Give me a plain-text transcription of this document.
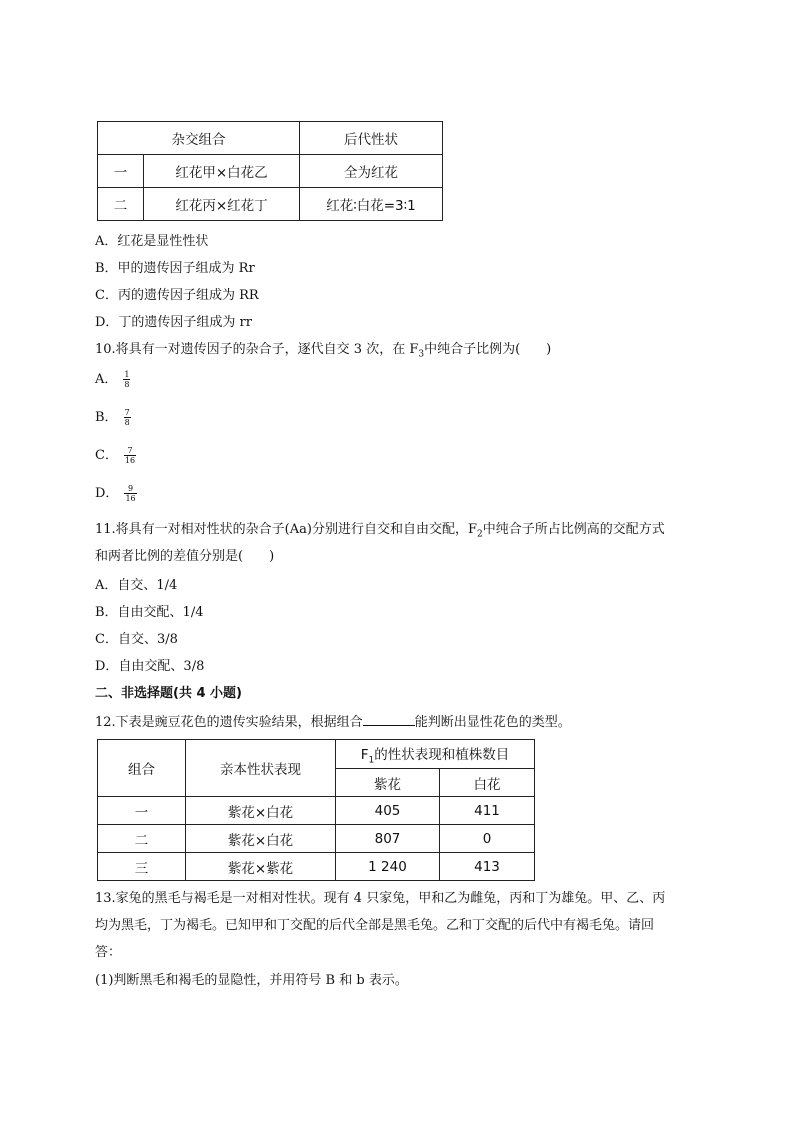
杂交组合		后代性状
一	红花甲×白花乙	全为红花
二	红花丙×红花丁	红花∶白花=3∶1
A．红花是显性性状
B．甲的遗传因子组成为 Rr
C．丙的遗传因子组成为 RR
D．丁的遗传因子组成为 rr
10.将具有一对遗传因子的杂合子，逐代自交 3 次，在 $F_3$中纯合子比例为(　　)
A． $\frac{1}{8}$
B． $\frac{7}{8}$
C． $\frac{7}{16}$
D． $\frac{9}{16}$
11.将具有一对相对性状的杂合子(Aa)分别进行自交和自由交配，$F_2$中纯合子所占比例高的交配方式
和两者比例的差值分别是(　　)
A．自交、1/4
B．自由交配、1/4
C．自交、3/8
D．自由交配、3/8
二、非选择题(共 4 小题)
12.下表是豌豆花色的遗传实验结果，根据组合	能判断出显性花色的类型。
组合	亲本性状表现	$F_1$的性状表现和植株数目	
		紫花	白花
一	紫花×白花	405	411
二	紫花×白花	807	0
三	紫花×紫花	1 240	413
13.家兔的黑毛与褐毛是一对相对性状。现有 4 只家兔，甲和乙为雌兔，丙和丁为雄兔。甲、乙、丙
均为黑毛，丁为褐毛。已知甲和丁交配的后代全部是黑毛兔。乙和丁交配的后代中有褐毛兔。请回
答：
(1)判断黑毛和褐毛的显隐性，并用符号 B 和 b 表示。
